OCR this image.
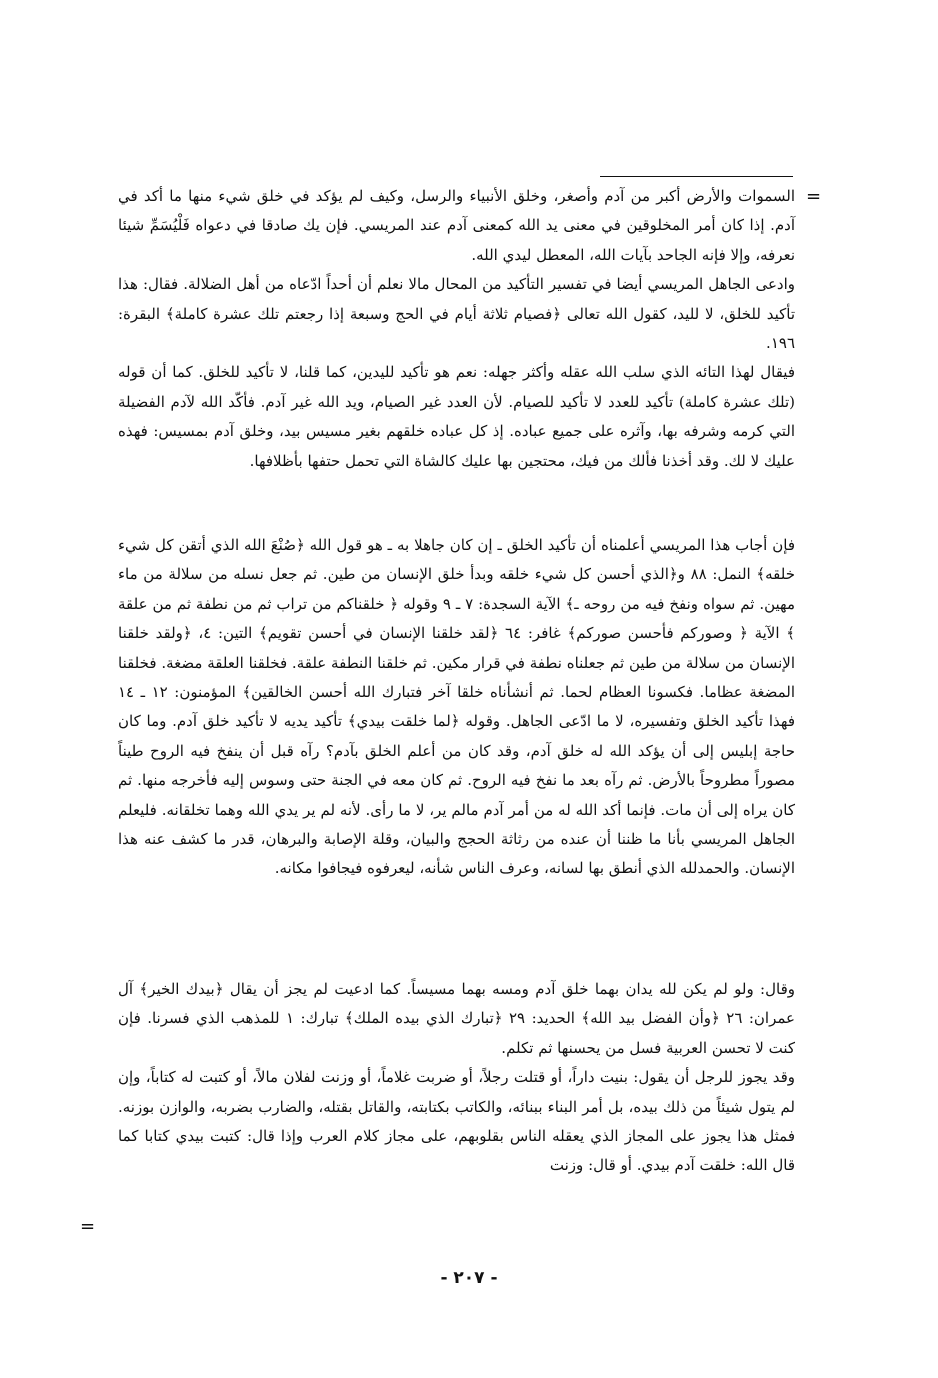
=

السموات والأرض أكبر من آدم وأصغر، وخلق الأنبياء والرسل، وكيف لم يؤكد في خلق شيء منها ما أكد في آدم. إذا كان أمر المخلوقين في معنى يد الله كمعنى آدم عند المريسي. فإن يك صادقا في دعواه فَلْيُسَمِّ شيئا نعرفه، وإلا فإنه الجاحد بآيات الله، المعطل ليدي الله.

وادعى الجاهل المريسي أيضا في تفسير التأكيد من المحال مالا نعلم أن أحداً ادّعاه من أهل الضلالة. فقال: هذا تأكيد للخلق، لا لليد، كقول الله تعالى ﴿فصيام ثلاثة أيام في الحج وسبعة إذا رجعتم تلك عشرة كاملة﴾ البقرة: ١٩٦.

فيقال لهذا التائه الذي سلب الله عقله وأكثر جهله: نعم هو تأكيد لليدين، كما قلنا، لا تأكيد للخلق. كما أن قوله (تلك عشرة كاملة) تأكيد للعدد لا تأكيد للصيام. لأن العدد غير الصيام، ويد الله غير آدم. فأكّد الله لآدم الفضيلة التي كرمه وشرفه بها، وآثره على جميع عباده. إذ كل عباده خلقهم بغير مسيس بيد، وخلق آدم بمسيس: فهذه عليك لا لك. وقد أخذنا فألك من فيك، محتجين بها عليك كالشاة التي تحمل حتفها بأظلافها.

فإن أجاب هذا المريسي أعلمناه أن تأكيد الخلق ـ إن كان جاهلا به ـ هو قول الله ﴿صُنْعَ الله الذي أتقن كل شيء خلقه﴾ النمل: ٨٨ و﴿الذي أحسن كل شيء خلقه وبدأ خلق الإنسان من طين. ثم جعل نسله من سلالة من ماء مهين. ثم سواه ونفخ فيه من روحه ـ﴾ الآية السجدة: ٧ ـ ٩ وقوله ﴿ خلقناكم من تراب ثم من نطفة ثم من علقة ﴾ الآية ﴿ وصوركم فأحسن صوركم﴾ غافر: ٦٤ ﴿لقد خلقنا الإنسان في أحسن تقويم﴾ التين: ٤، ﴿ولقد خلقنا الإنسان من سلالة من طين ثم جعلناه نطفة في قرار مكين. ثم خلقنا النطفة علقة. فخلقنا العلقة مضغة. فخلقنا المضغة عظاما. فكسونا العظام لحما. ثم أنشأناه خلقا آخر فتبارك الله أحسن الخالقين﴾ المؤمنون: ١٢ ـ ١٤ فهذا تأكيد الخلق وتفسيره، لا ما ادّعى الجاهل. وقوله ﴿لما خلقت بيدي﴾ تأكيد يديه لا تأكيد خلق آدم. وما كان حاجة إبليس إلى أن يؤكد الله له خلق آدم، وقد كان من أعلم الخلق بآدم؟ رآه قبل أن ينفخ فيه الروح طيناً مصوراً مطروحاً بالأرض. ثم رآه بعد ما نفخ فيه الروح. ثم كان معه في الجنة حتى وسوس إليه فأخرجه منها. ثم كان يراه إلى أن مات. فإنما أكد الله له من أمر آدم مالم ير، لا ما رأى. لأنه لم ير يدي الله وهما تخلقانه. فليعلم الجاهل المريسي بأنا ما ظننا أن عنده من رثاثة الحجج والبيان، وقلة الإصابة والبرهان، قدر ما كشف عنه هذا الإنسان. والحمدلله الذي أنطق بها لسانه، وعرف الناس شأنه، ليعرفوه فيجافوا مكانه.

وقال: ولو لم يكن لله يدان بهما خلق آدم ومسه بهما مسيساً. كما ادعيت لم يجز أن يقال ﴿بيدك الخير﴾ آل عمران: ٢٦ ﴿وأن الفضل بيد الله﴾ الحديد: ٢٩ ﴿تبارك الذي بيده الملك﴾ تبارك: ١ للمذهب الذي فسرنا. فإن كنت لا تحسن العربية فسل من يحسنها ثم تكلم.

وقد يجوز للرجل أن يقول: بنيت داراً، أو قتلت رجلاً، أو ضربت غلاماً، أو وزنت لفلان مالاً، أو كتبت له كتاباً، وإن لم يتول شيئاً من ذلك بيده، بل أمر البناء ببنائه، والكاتب بكتابته، والقاتل بقتله، والضارب بضربه، والوازن بوزنه. فمثل هذا يجوز على المجاز الذي يعقله الناس بقلوبهم، على مجاز كلام العرب وإذا قال: كتبت بيدي كتابا كما قال الله: خلقت آدم بيدي. أو قال: وزنت

=
- ٢٠٧ -
